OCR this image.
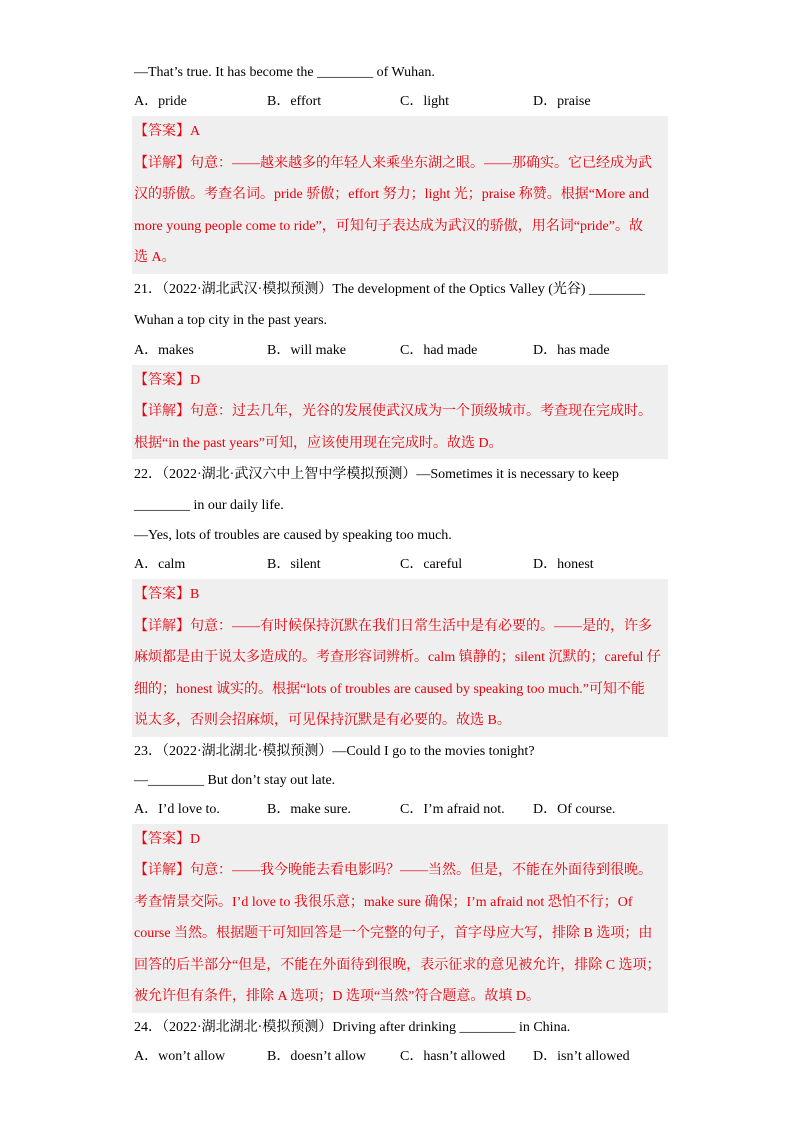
—That’s true. It has become the ________ of Wuhan.
A．pride	B．effort	C．light	D．praise

【答案】A

【详解】句意：——越来越多的年轻人来乘坐东湖之眼。——那确实。它已经成为武

汉的骄傲。考查名词。pride 骄傲；effort 努力；light 光；praise 称赞。根据“More and

more young people come to ride”，可知句子表达成为武汉的骄傲，用名词“pride”。故

选 A。

21．（2022·湖北武汉·模拟预测）The development of the Optics Valley (光谷) ________
Wuhan a top city in the past years.
A．makes	B．will make	C．had made	D．has made

【答案】D

【详解】句意：过去几年，光谷的发展使武汉成为一个顶级城市。考查现在完成时。

根据“in the past years”可知，应该使用现在完成时。故选 D。

22．（2022·湖北·武汉六中上智中学模拟预测）—Sometimes it is necessary to keep
________ in our daily life.
—Yes, lots of troubles are caused by speaking too much.
A．calm	B．silent	C．careful	D．honest

【答案】B

【详解】句意：——有时候保持沉默在我们日常生活中是有必要的。——是的，许多

麻烦都是由于说太多造成的。考查形容词辨析。calm 镇静的；silent 沉默的；careful 仔

细的；honest 诚实的。根据“lots of troubles are caused by speaking too much.”可知不能

说太多，否则会招麻烦，可见保持沉默是有必要的。故选 B。

23．（2022·湖北湖北·模拟预测）—Could I go to the movies tonight?
—________ But don’t stay out late.
A．I’d love to.	B．make sure.	C．I’m afraid not.	D．Of course.

【答案】D

【详解】句意：——我今晚能去看电影吗？——当然。但是，不能在外面待到很晚。

考查情景交际。I’d love to 我很乐意；make sure 确保；I’m afraid not 恐怕不行；Of

course 当然。根据题干可知回答是一个完整的句子，首字母应大写，排除 B 选项；由

回答的后半部分“但是，不能在外面待到很晚，表示征求的意见被允许，排除 C 选项；

被允许但有条件，排除 A 选项；D 选项“当然”符合题意。故填 D。

24．（2022·湖北湖北·模拟预测）Driving after drinking ________ in China.
A．won’t allow	B．doesn’t allow	C．hasn’t allowed	D．isn’t allowed
